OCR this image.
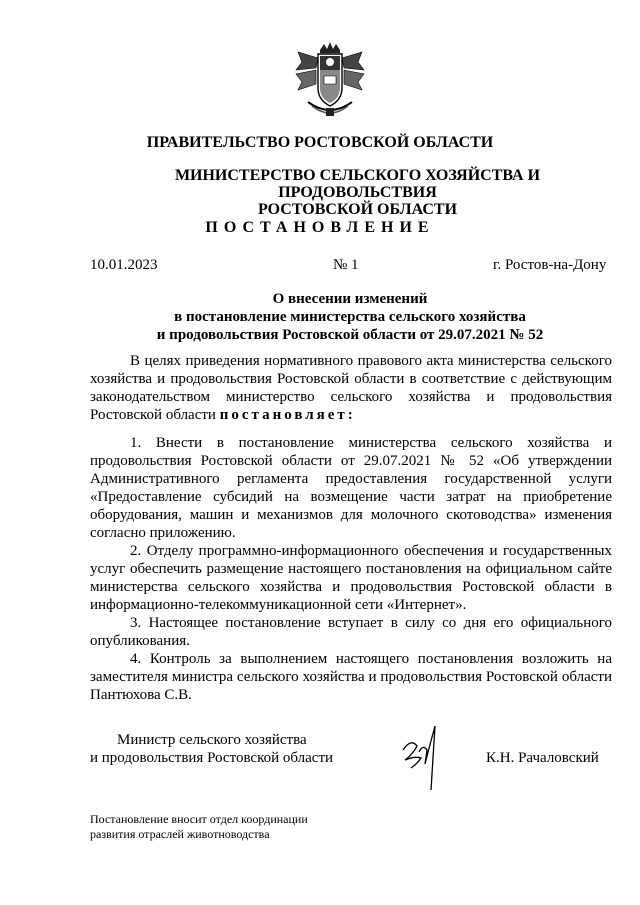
ПРАВИТЕЛЬСТВО РОСТОВСКОЙ ОБЛАСТИ
МИНИСТЕРСТВО СЕЛЬСКОГО ХОЗЯЙСТВА И ПРОДОВОЛЬСТВИЯ
РОСТОВСКОЙ ОБЛАСТИ
ПОСТАНОВЛЕНИЕ
10.01.2023	№ 1	г. Ростов-на-Дону
О внесении изменений
в постановление министерства сельского хозяйства
и продовольствия Ростовской области от 29.07.2021 № 52

В целях приведения нормативного правового акта министерства сельского хозяйства и продовольствия Ростовской области в соответствие с действующим законодательством министерство сельского хозяйства и продовольствия Ростовской области постановляет:

1. Внести в постановление министерства сельского хозяйства и продовольствия Ростовской области от 29.07.2021 № 52 «Об утверждении Административного регламента предоставления государственной услуги «Предоставление субсидий на возмещение части затрат на приобретение оборудования, машин и механизмов для молочного скотоводства» изменения согласно приложению.

2. Отделу программно-информационного обеспечения и государственных услуг обеспечить размещение настоящего постановления на официальном сайте министерства сельского хозяйства и продовольствия Ростовской области в информационно-телекоммуникационной сети «Интернет».

3. Настоящее постановление вступает в силу со дня его официального опубликования.

4. Контроль за выполнением настоящего постановления возложить на заместителя министра сельского хозяйства и продовольствия Ростовской области Пантюхова С.В.

Министр сельского хозяйства
и продовольствия Ростовской области	К.Н. Рачаловский
Постановление вносит отдел координации
развития отраслей животноводства
